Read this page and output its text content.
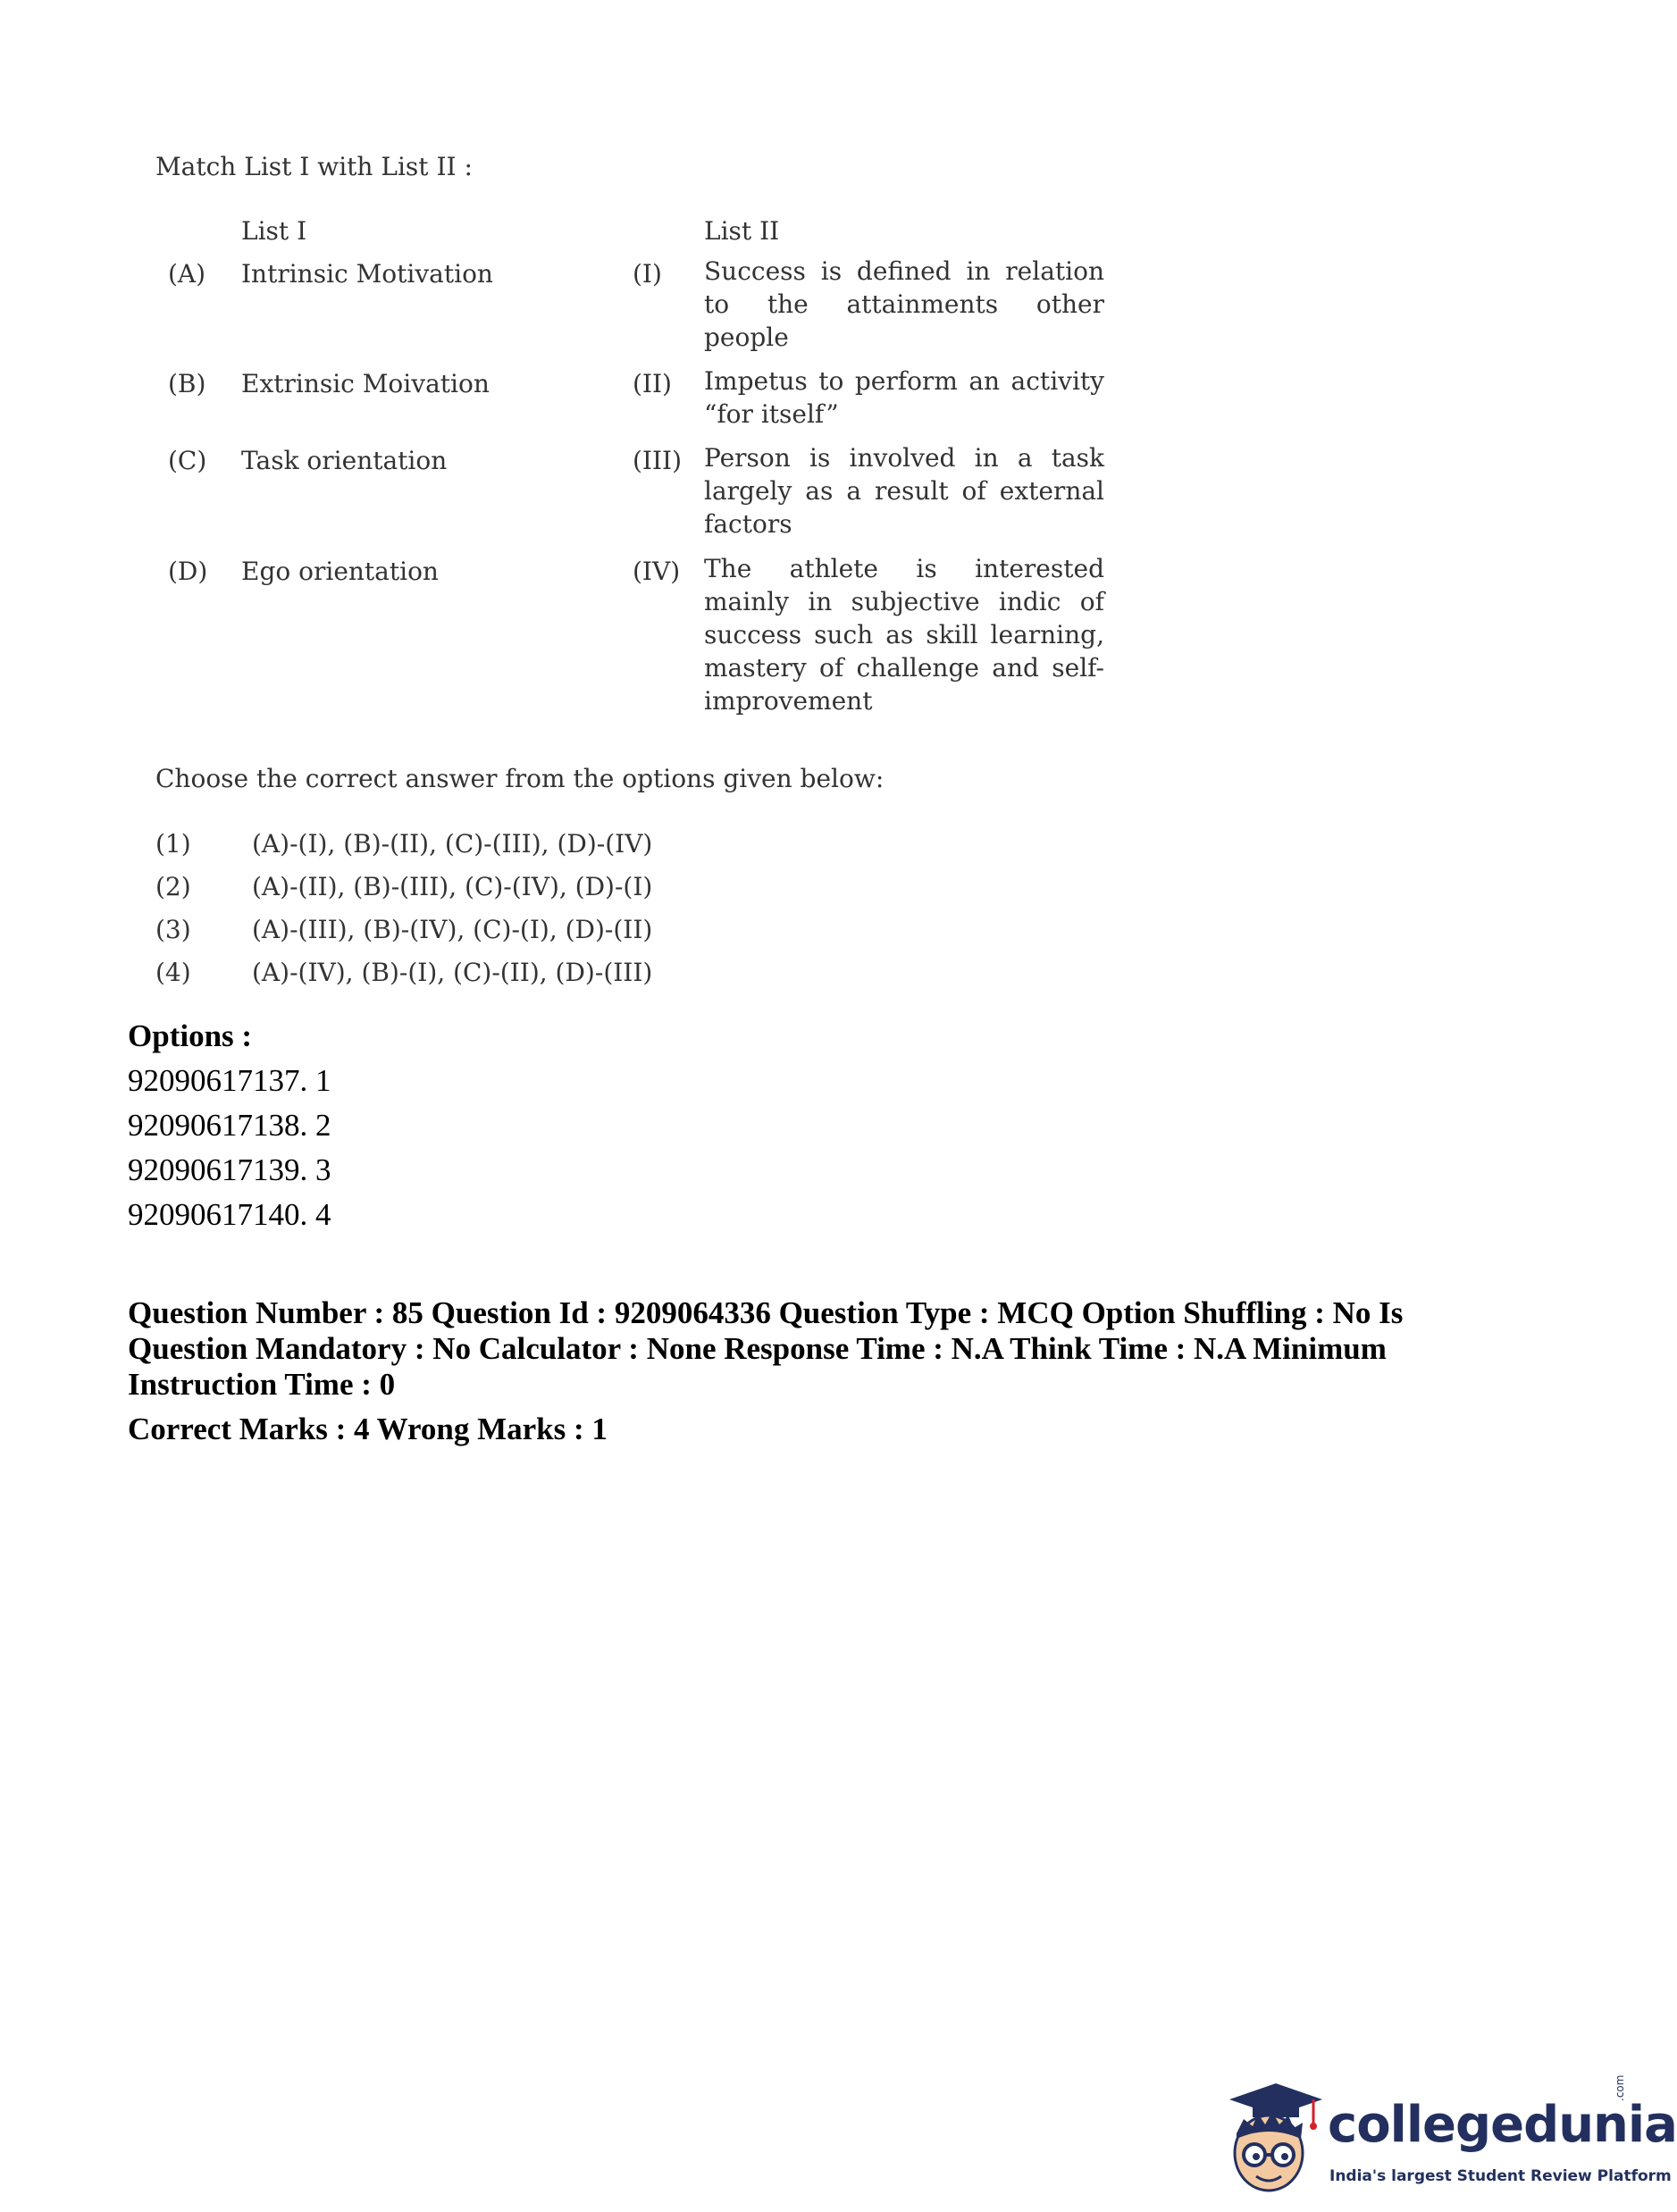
Match List I with List II :
List I	List II
(A) Intrinsic Motivation	(I) Success is defined in relation to the attainments other people
(B) Extrinsic Moivation	(II) Impetus to perform an activity “for itself”
(C) Task orientation	(III) Person is involved in a task largely as a result of external factors
(D) Ego orientation	(IV) The athlete is interested mainly in subjective indic of success such as skill learning, mastery of challenge and self-improvement
Choose the correct answer from the options given below:
(1) (A)-(I), (B)-(II), (C)-(III), (D)-(IV)
(2) (A)-(II), (B)-(III), (C)-(IV), (D)-(I)
(3) (A)-(III), (B)-(IV), (C)-(I), (D)-(II)
(4) (A)-(IV), (B)-(I), (C)-(II), (D)-(III)
Options :
92090617137. 1
92090617138. 2
92090617139. 3
92090617140. 4
Question Number : 85 Question Id : 9209064336 Question Type : MCQ Option Shuffling : No Is Question Mandatory : No Calculator : None Response Time : N.A Think Time : N.A Minimum Instruction Time : 0
Correct Marks : 4 Wrong Marks : 1
collegedunia
.com
India's largest Student Review Platform
